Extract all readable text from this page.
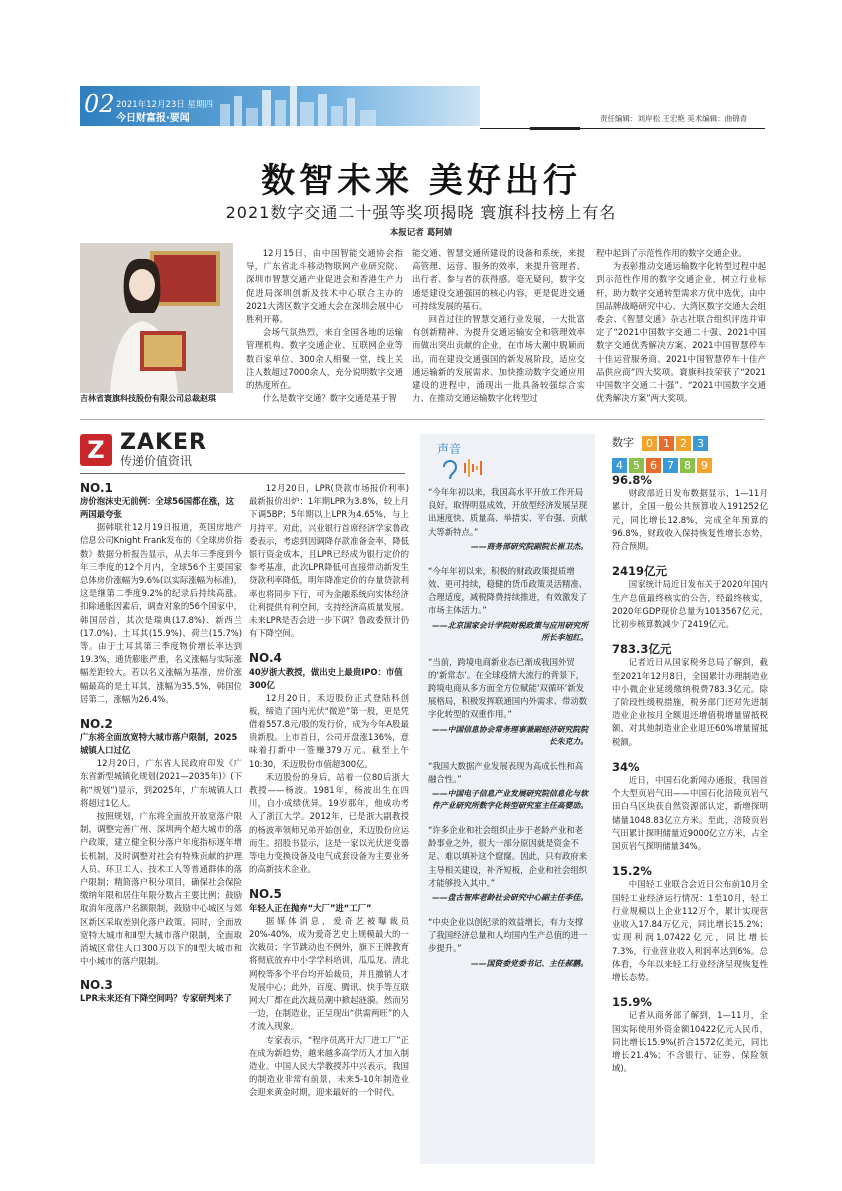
02 2021年12月23日 星期四
今日财富报·要闻	责任编辑：刘岸松 王宏艳 美术编辑：曲锦青
数智未来 美好出行
2021数字交通二十强等奖项揭晓 寰旗科技榜上有名
本报记者 葛阿婧
吉林省寰旗科技股份有限公司总裁赵琪

12月15日，由中国智能交通协会指导，广东省北斗移动物联网产业研究院、深圳市智慧交通产业促进会和香港生产力促进局深圳创新及技术中心联合主办的2021大湾区数字交通大会在深圳会展中心胜利开幕。

会场气氛热烈，来自全国各地的运输管理机构、数字交通企业、互联网企业等数百家单位、300余人相聚一堂，线上关注人数超过7000余人，充分说明数字交通的热度所在。

什么是数字交通？数字交通是基于智

能交通、智慧交通所建设的设备和系统，来提高管理、运营、服务的效率，来提升管理者、出行者、参与者的获得感。毫无疑问，数字交通是建设交通强国的核心内容，更是促进交通可持续发展的基石。

回首过往的智慧交通行业发展，一大批富有创新精神、为提升交通运输安全和管理效率而做出突出贡献的企业，在市场大潮中脱颖而出，而在建设交通强国的新发展阶段，适应交通运输新的发展需求、加快推动数字交通应用建设的进程中，涌现出一批具备较强综合实力、在推动交通运输数字化转型过

程中起到了示范性作用的数字交通企业。

为表彰推动交通运输数字化转型过程中起到示范性作用的数字交通企业，树立行业标杆，助力数字交通转型需求方优中选优，由中国品牌战略研究中心、大湾区数字交通大会组委会、《智慧交通》杂志社联合组织评选并审定了“2021中国数字交通二十强、2021中国数字交通优秀解决方案、2021中国智慧停车十佳运营服务商、2021中国智慧停车十佳产品供应商”四大奖项。寰旗科技荣获了“2021中国数字交通二十强”、“2021中国数字交通优秀解决方案”两大奖项。

Z ZAKER
传递价值资讯

NO.1

房价泡沫史无前例：全球56国都在涨，这两国最夸张

据韩联社12月19日报道，英国房地产信息公司Knight Frank发布的《全球房价指数》数据分析报告显示，从去年三季度到今年三季度的12个月内，全球56个主要国家总体房价涨幅为9.6%(以实际涨幅为标准)，这是继第二季度9.2%的纪录后持续高涨。扣除通胀因素后，调查对象的56个国家中，韩国居首，其次是瑞典(17.8%)、新西兰(17.0%)、土耳其(15.9%)、荷兰(15.7%)等。由于土耳其第三季度物价增长率达到19.3%，通货膨胀严重，名义涨幅与实际涨幅差距较大。若以名义涨幅为基准，房价涨幅最高的是土耳其，涨幅为35.5%，韩国位居第二，涨幅为26.4%。

NO.2

广东将全面放宽特大城市落户限制，2025城镇人口过亿

12月20日，广东省人民政府印发《广东省新型城镇化规划(2021—2035年)》(下称“规划”)显示，到2025年，广东城镇人口将超过1亿人。

按照规划，广东将全面放开放宽落户限制，调整完善广州、深圳两个超大城市的落户政策，建立健全积分落户年度指标逐年增长机制，及时调整对社会有特殊贡献的护理人员、环卫工人、技术工人等普通群体的落户限制；精简落户积分项目，确保社会保险缴纳年限和居住年限分数占主要比例；鼓励取消年度落户名额限制，鼓励中心城区与郊区新区采取差别化落户政策。同时，全面放宽特大城市和Ⅱ型大城市落户限制，全面取消城区常住人口300万以下的Ⅱ型大城市和中小城市的落户限制。

NO.3

LPR未来还有下降空间吗？专家研判来了

12月20日，LPR(贷款市场报价利率)最新报价出炉：1年期LPR为3.8%，较上月下调5BP；5年期以上LPR为4.65%，与上月持平。对此，兴业银行首席经济学家鲁政委表示，考虑到因调降存款准备金率，降低银行资金成本，且LPR已经成为银行定价的参考基准，此次LPR降低可直接带动新发生贷款利率降低，明年降准定价的存量贷款利率也将同步下行，可为金融系统向实体经济让利提供有利空间，支持经济高质量发展。未来LPR是否会进一步下调？鲁政委预计仍有下降空间。

NO.4

40岁浙大教授，做出史上最贵IPO：市值300亿

12月20日，禾迈股份正式登陆科创板，缔造了国内光伏“微逆”第一股，更是凭借着557.8元/股的发行价，成为今年A股最贵新股。上市首日，公司开盘涨136%，意味着打新中一签赚379万元。截至上午10:30，禾迈股份市值超300亿。

禾迈股份的身后，站着一位80后浙大教授——杨波。1981年，杨波出生在四川，自小成绩优异。19岁那年，他成功考入了浙江大学。2012年，已是浙大副教授的杨波率领师兄弟开始创业，禾迈股份应运而生。招股书显示，这是一家以光伏逆变器等电力变换设备及电气成套设备为主要业务的高新技术企业。

NO.5

年轻人正在抛弃“大厂”进“工厂”

据媒体消息，爱奇艺被曝裁员20%-40%，成为爱奇艺史上规模最大的一次裁员；字节跳动也不例外，旗下王牌教育将彻底放弃中小学学科培训，瓜瓜龙、清北网校等多个平台均开始裁员，并且撤销人才发展中心；此外，百度、腾讯、快手等互联网大厂都在此次裁员潮中掀起涟漪。然而另一边，在制造业，正呈现出“供需两旺”的人才流入现象。

专家表示，“程序员离开大厂进工厂”正在成为新趋势，越来越多高学历人才加入制造业。中国人民大学教授苏中兴表示，我国的制造业非常有前景，未来5-10年制造业会迎来黄金时期，迎来最好的一个时代。

声音

“今年年初以来，我国高水平开放工作开局良好，取得明显成效，开放型经济发展呈现出速度快、质量高、举措实、平台强、贡献大等新特点。”

——商务部研究院副院长崔卫杰。

“今年年初以来，积极的财政政策提质增效、更可持续，稳健的货币政策灵活精准、合理适度，减税降费持续推进，有效激发了市场主体活力。”

——北京国家会计学院财税政策与应用研究所所长李旭红。

“当前，跨境电商新业态已渐成我国外贸的‘新常态’。在全球疫情大流行的背景下，跨境电商从多方面全方位赋能‘双循环’新发展格局，积极发挥联通国内外需求、带动数字化转型的双重作用。”

——中国信息协会常务理事兼副经济研究院院长朱克力。

“我国大数据产业发展表现为高成长性和高融合性。”

——中国电子信息产业发展研究院信息化与软件产业研究所数字化转型研究室主任高婴劢。

“许多企业和社会组织止步于老龄产业和老龄事业之外，很大一部分原因就是资金不足、难以填补这个窟窿。因此，只有政府来主导相关建设，补齐短板，企业和社会组织才能够投入其中。”

——盘古智库老龄社会研究中心副主任李佳。

“中央企业以创纪录的效益增长，有力支撑了我国经济总量和人均国内生产总值的进一步提升。”

——国资委党委书记、主任郝鹏。

数字	0 1 2 3
4 5 6 7 8 9

96.8%

财政部近日发布数据显示，1—11月累计，全国一般公共预算收入191252亿元，同比增长12.8%，完成全年预算的96.8%，财政收入保持恢复性增长态势，符合预期。

2419亿元

国家统计局近日发布关于2020年国内生产总值最终核实的公告，经最终核实，2020年GDP现价总量为1013567亿元，比初步核算数减少了2419亿元。

783.3亿元

记者近日从国家税务总局了解到，截至2021年12月8日，全国累计办理制造业中小微企业延缓缴纳税费783.3亿元。除了阶段性缓税措施，税务部门还对先进制造业企业按月全额退还增值税增量留抵税额，对其他制造业企业退还60%增量留抵税额。

34%

近日，中国石化新闻办通报，我国首个大型页岩气田——中国石化涪陵页岩气田白马区块获自然资源部认定，新增探明储量1048.83亿立方米。至此，涪陵页岩气田累计探明储量近9000亿立方米，占全国页岩气探明储量34%。

15.2%

中国轻工业联合会近日公布前10月全国轻工业经济运行情况：1至10月，轻工行业规模以上企业112万个，累计实现营业收入17.84万亿元，同比增长15.2%；实现利润1.07422亿元，同比增长7.3%，行业营业收入利润率达到6%。总体看，今年以来轻工行业经济呈现恢复性增长态势。

15.9%

记者从商务部了解到，1—11月，全国实际使用外资金额10422亿元人民币，同比增长15.9%(折合1572亿美元，同比增长21.4%；不含银行、证券、保险领域)。
